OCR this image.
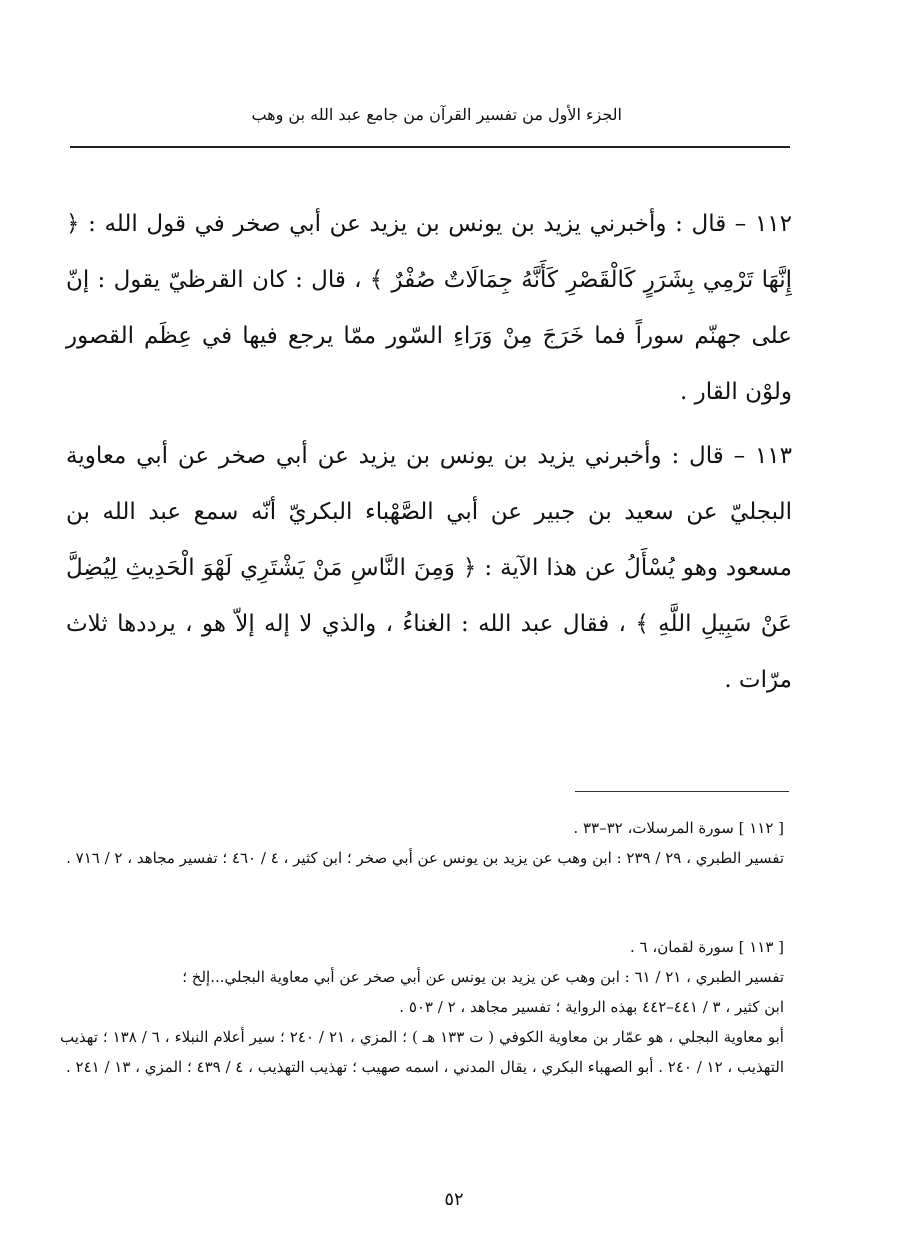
الجزء الأول من تفسير القرآن من جامع عبد الله بن وهب

١١٢ – قال : وأخبرني يزيد بن يونس بن يزيد عن أبي صخر في قول الله : ﴿ إِنَّهَا تَرْمِي بِشَرَرٍ كَالْقَصْرِ كَأَنَّهُ جِمَالَاتٌ صُفْرٌ ﴾ ، قال : كان القرظيّ يقول : إنّ على جهنّم سوراً فما خَرَجَ مِنْ وَرَاءِ السّور ممّا يرجع فيها في عِظَم القصور ولوْن القار .

١١٣ – قال : وأخبرني يزيد بن يونس بن يزيد عن أبي صخر عن أبي معاوية البجليّ عن سعيد بن جبير عن أبي الصَّهْباء البكريّ أنّه سمع عبد الله بن مسعود وهو يُسْأَلُ عن هذا الآية : ﴿ وَمِنَ النَّاسِ مَنْ يَشْتَرِي لَهْوَ الْحَدِيثِ لِيُضِلَّ عَنْ سَبِيلِ اللَّهِ ﴾ ، فقال عبد الله : الغناءُ ، والذي لا إله إلاّ هو ، يرددها ثلاث مرّات .

[ ١١٢ ] سورة المرسلات، ٣٢–٣٣ .

تفسير الطبري ، ٢٩ / ٢٣٩ : ابن وهب عن يزيد بن يونس عن أبي صخر ؛ ابن كثير ، ٤ / ٤٦٠ ؛ تفسير مجاهد ، ٢ / ٧١٦ .

[ ١١٣ ] سورة لقمان، ٦ .

تفسير الطبري ، ٢١ / ٦١ : ابن وهب عن يزيد بن يونس عن أبي صخر عن أبي معاوية البجلي...إلخ ؛

ابن كثير ، ٣ / ٤٤١–٤٤٢ بهذه الرواية ؛ تفسير مجاهد ، ٢ / ٥٠٣ .

أبو معاوية البجلي ، هو عمّار بن معاوية الكوفي ( ت ١٣٣ هـ ) ؛ المزي ، ٢١ / ٢٤٠ ؛ سير أعلام النبلاء ، ٦ / ١٣٨ ؛ تهذيب التهذيب ، ١٢ / ٢٤٠ . أبو الصهباء البكري ، يقال المدني ، اسمه صهيب ؛ تهذيب التهذيب ، ٤ / ٤٣٩ ؛ المزي ، ١٣ / ٢٤١ .

٥٢
